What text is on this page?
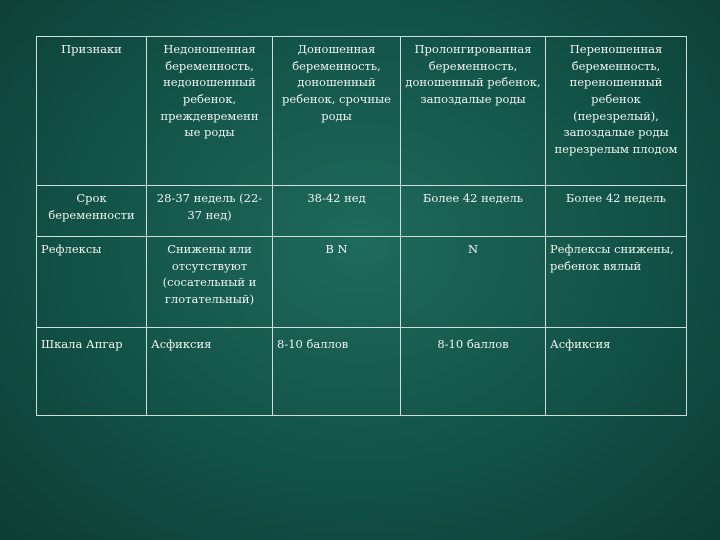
Признаки	Недоношенная беременность, недоношенный ребенок, преждевременн ые роды	Доношенная беременность, доношенный ребенок, срочные роды	Пролонгированная беременность, доношенный ребенок, запоздалые роды	Переношенная беременность, переношенный ребенок (перезрелый), запоздалые роды перезрелым плодом
Срок беременности	28-37 недель (22-37 нед)	38-42 нед	Более 42 недель	Более 42 недель
Рефлексы	Снижены или отсутствуют (сосательный и глотательный)	В N	N	Рефлексы снижены, ребенок вялый
Шкала Апгар	Асфиксия	8-10 баллов	8-10 баллов	Асфиксия
